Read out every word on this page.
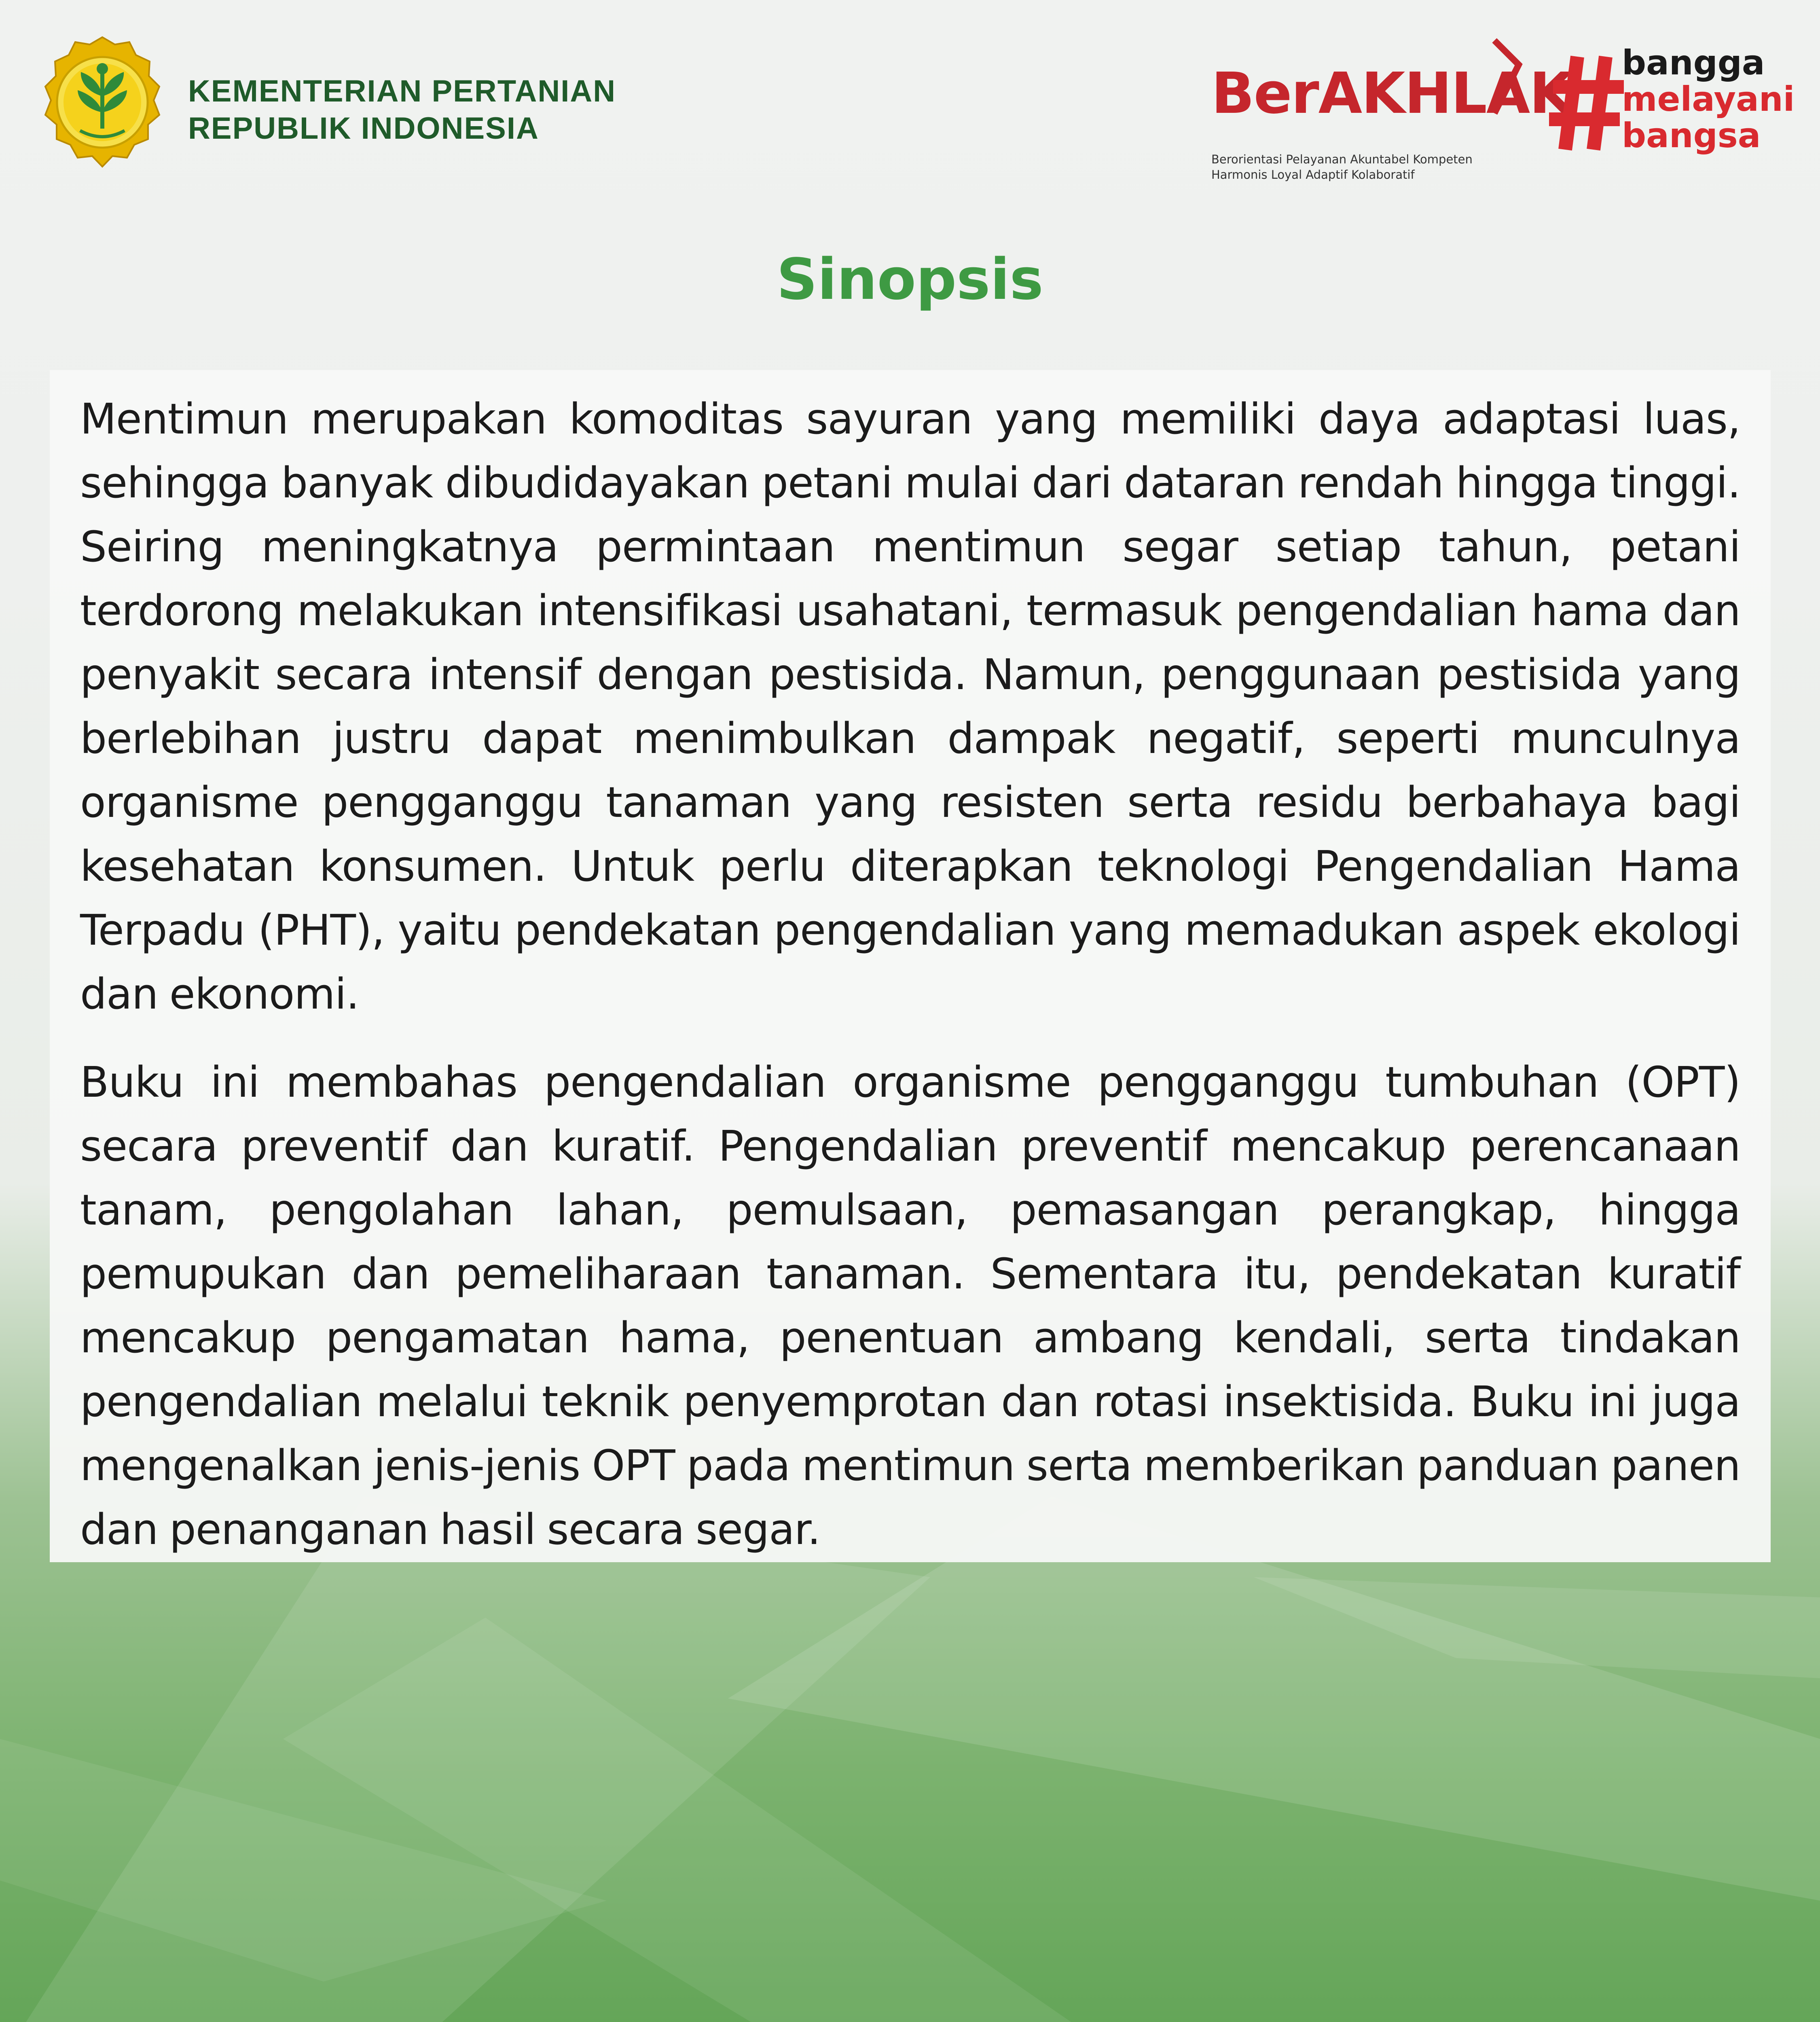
KEMENTERIAN PERTANIAN
REPUBLIK INDONESIA
BerAKHLAK
Berorientasi Pelayanan Akuntabel Kompeten
Harmonis Loyal Adaptif Kolaboratif
bangga
melayani
bangsa
Sinopsis

Mentimun merupakan komoditas sayuran yang memiliki daya adaptasi luas, sehingga banyak dibudidayakan petani mulai dari dataran rendah hingga tinggi. Seiring meningkatnya permintaan mentimun segar setiap tahun, petani terdorong melakukan intensifikasi usahatani, termasuk pengendalian hama dan penyakit secara intensif dengan pestisida. Namun, penggunaan pestisida yang berlebihan justru dapat menimbulkan dampak negatif, seperti munculnya organisme pengganggu tanaman yang resisten serta residu berbahaya bagi kesehatan konsumen. Untuk perlu diterapkan teknologi Pengendalian Hama Terpadu (PHT), yaitu pendekatan pengendalian yang memadukan aspek ekologi dan ekonomi.

Buku ini membahas pengendalian organisme pengganggu tumbuhan (OPT) secara preventif dan kuratif. Pengendalian preventif mencakup perencanaan tanam, pengolahan lahan, pemulsaan, pemasangan perangkap, hingga pemupukan dan pemeliharaan tanaman. Sementara itu, pendekatan kuratif mencakup pengamatan hama, penentuan ambang kendali, serta tindakan pengendalian melalui teknik penyemprotan dan rotasi insektisida. Buku ini juga mengenalkan jenis-jenis OPT pada mentimun serta memberikan panduan panen dan penanganan hasil secara segar.
